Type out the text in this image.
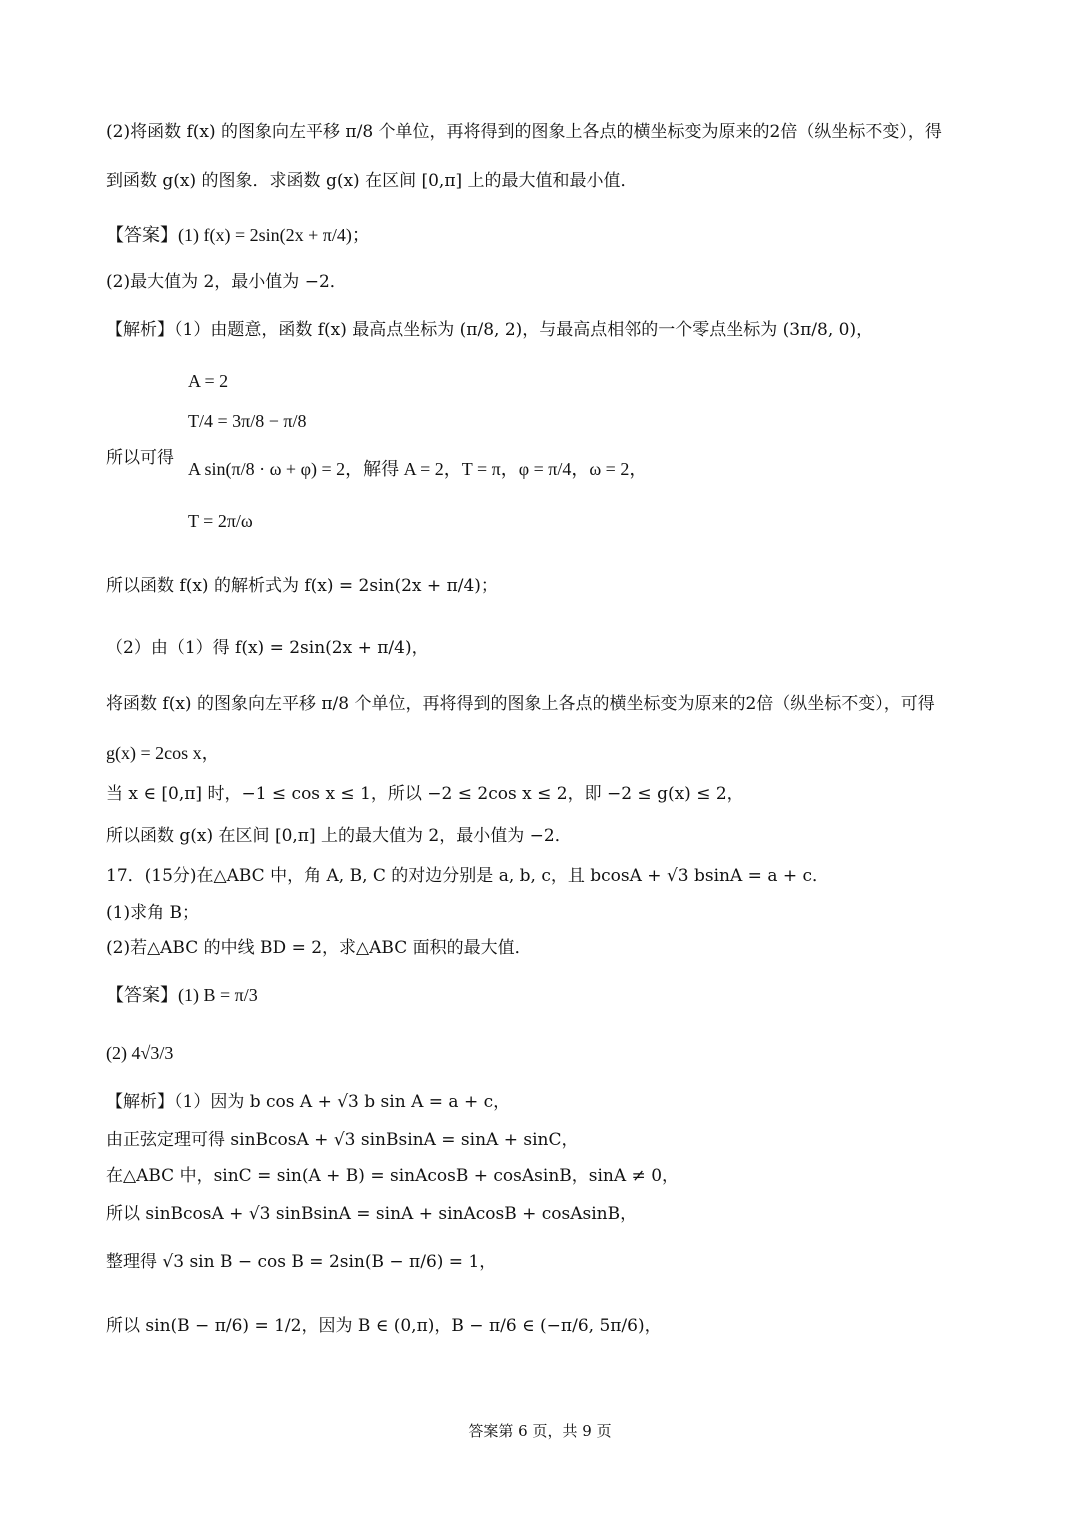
(2)将函数 f(x) 的图象向左平移 π/8 个单位，再将得到的图象上各点的横坐标变为原来的2倍（纵坐标不变），得
到函数 g(x) 的图象．求函数 g(x) 在区间 [0,π] 上的最大值和最小值．
【答案】(1) f(x) = 2sin(2x + π/4)；
(2)最大值为 2，最小值为 −2．
【解析】（1）由题意，函数 f(x) 最高点坐标为 (π/8, 2)，与最高点相邻的一个零点坐标为 (3π/8, 0)，
A = 2
T/4 = 3π/8 − π/8
所以可得
A sin(π/8 · ω + φ) = 2，解得 A = 2，T = π，φ = π/4，ω = 2，
T = 2π/ω
所以函数 f(x) 的解析式为 f(x) = 2sin(2x + π/4)；
（2）由（1）得 f(x) = 2sin(2x + π/4)，
将函数 f(x) 的图象向左平移 π/8 个单位，再将得到的图象上各点的横坐标变为原来的2倍（纵坐标不变），可得
g(x) = 2cos x，
当 x ∈ [0,π] 时，−1 ≤ cos x ≤ 1，所以 −2 ≤ 2cos x ≤ 2，即 −2 ≤ g(x) ≤ 2，
所以函数 g(x) 在区间 [0,π] 上的最大值为 2，最小值为 −2．
17．(15分)在△ABC 中，角 A, B, C 的对边分别是 a, b, c，且 bcosA + √3 bsinA = a + c．
(1)求角 B；
(2)若△ABC 的中线 BD = 2，求△ABC 面积的最大值．
【答案】(1) B = π/3
(2) 4√3/3
【解析】（1）因为 b cos A + √3 b sin A = a + c，
由正弦定理可得 sinBcosA + √3 sinBsinA = sinA + sinC，
在△ABC 中，sinC = sin(A + B) = sinAcosB + cosAsinB，sinA ≠ 0，
所以 sinBcosA + √3 sinBsinA = sinA + sinAcosB + cosAsinB，
整理得 √3 sin B − cos B = 2sin(B − π/6) = 1，
所以 sin(B − π/6) = 1/2，因为 B ∈ (0,π)，B − π/6 ∈ (−π/6, 5π/6)，
答案第 6 页，共 9 页
